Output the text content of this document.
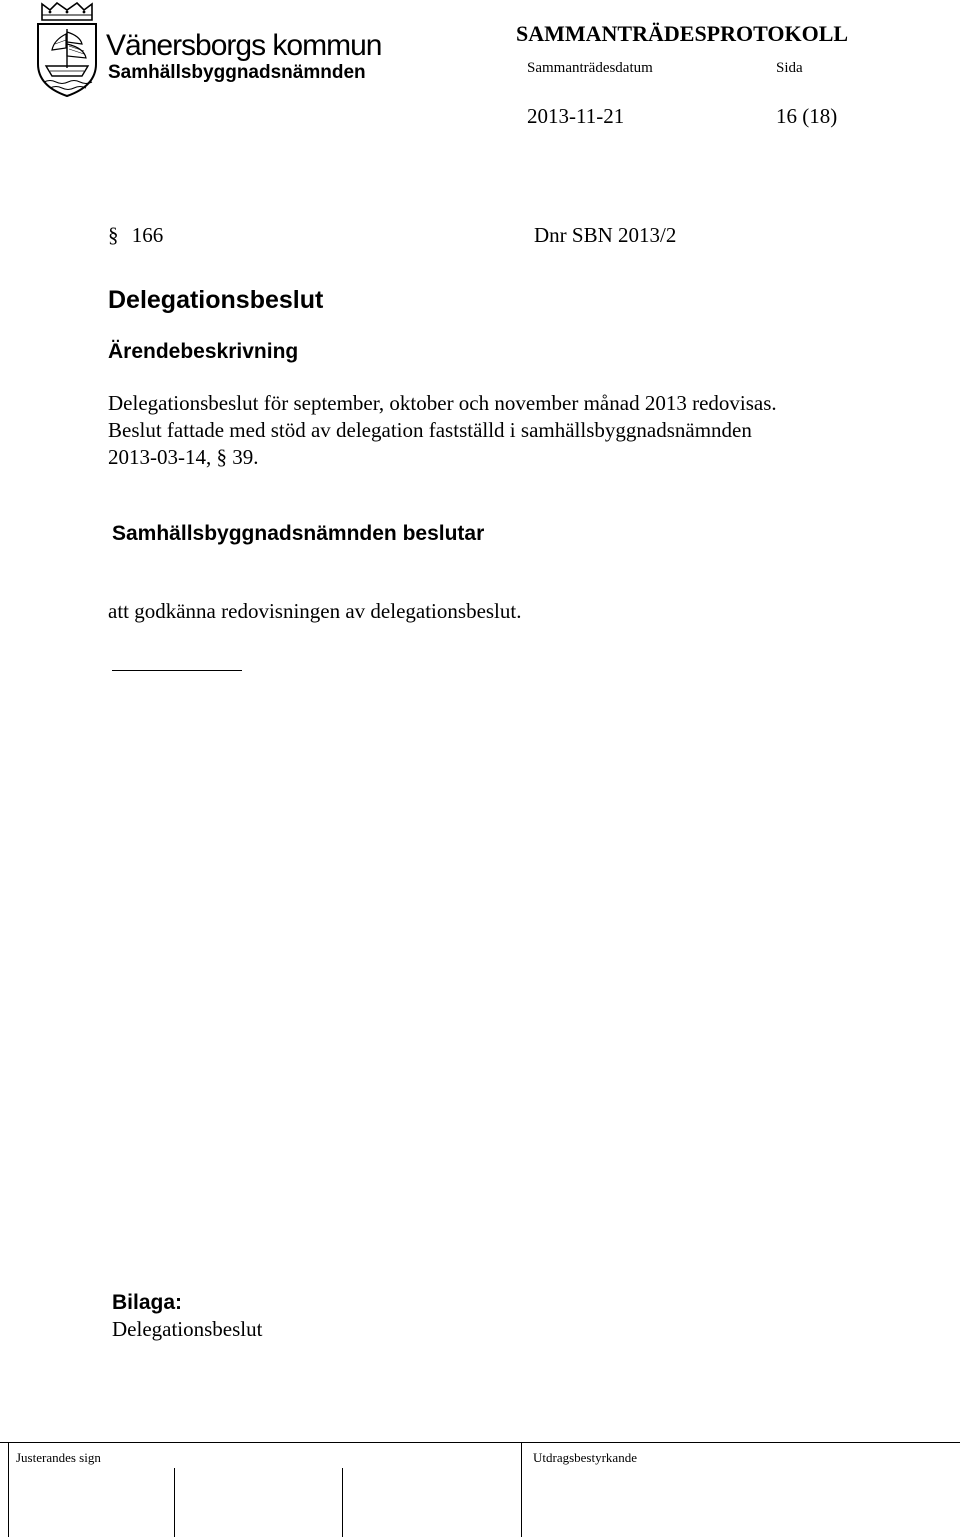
Vänersborgs kommun
Samhällsbyggnadsnämnden
SAMMANTRÄDESPROTOKOLL
Sammanträdesdatum	Sida
2013-11-21	16 (18)
§ 166	Dnr SBN 2013/2
Delegationsbeslut
Ärendebeskrivning
Delegationsbeslut för september, oktober och november månad 2013 redovisas.
Beslut fattade med stöd av delegation fastställd i samhällsbyggnadsnämnden
2013-03-14, § 39.
Samhällsbyggnadsnämnden beslutar
att godkänna redovisningen av delegationsbeslut.
Bilaga:
Delegationsbeslut
Justerandes sign	Utdragsbestyrkande
